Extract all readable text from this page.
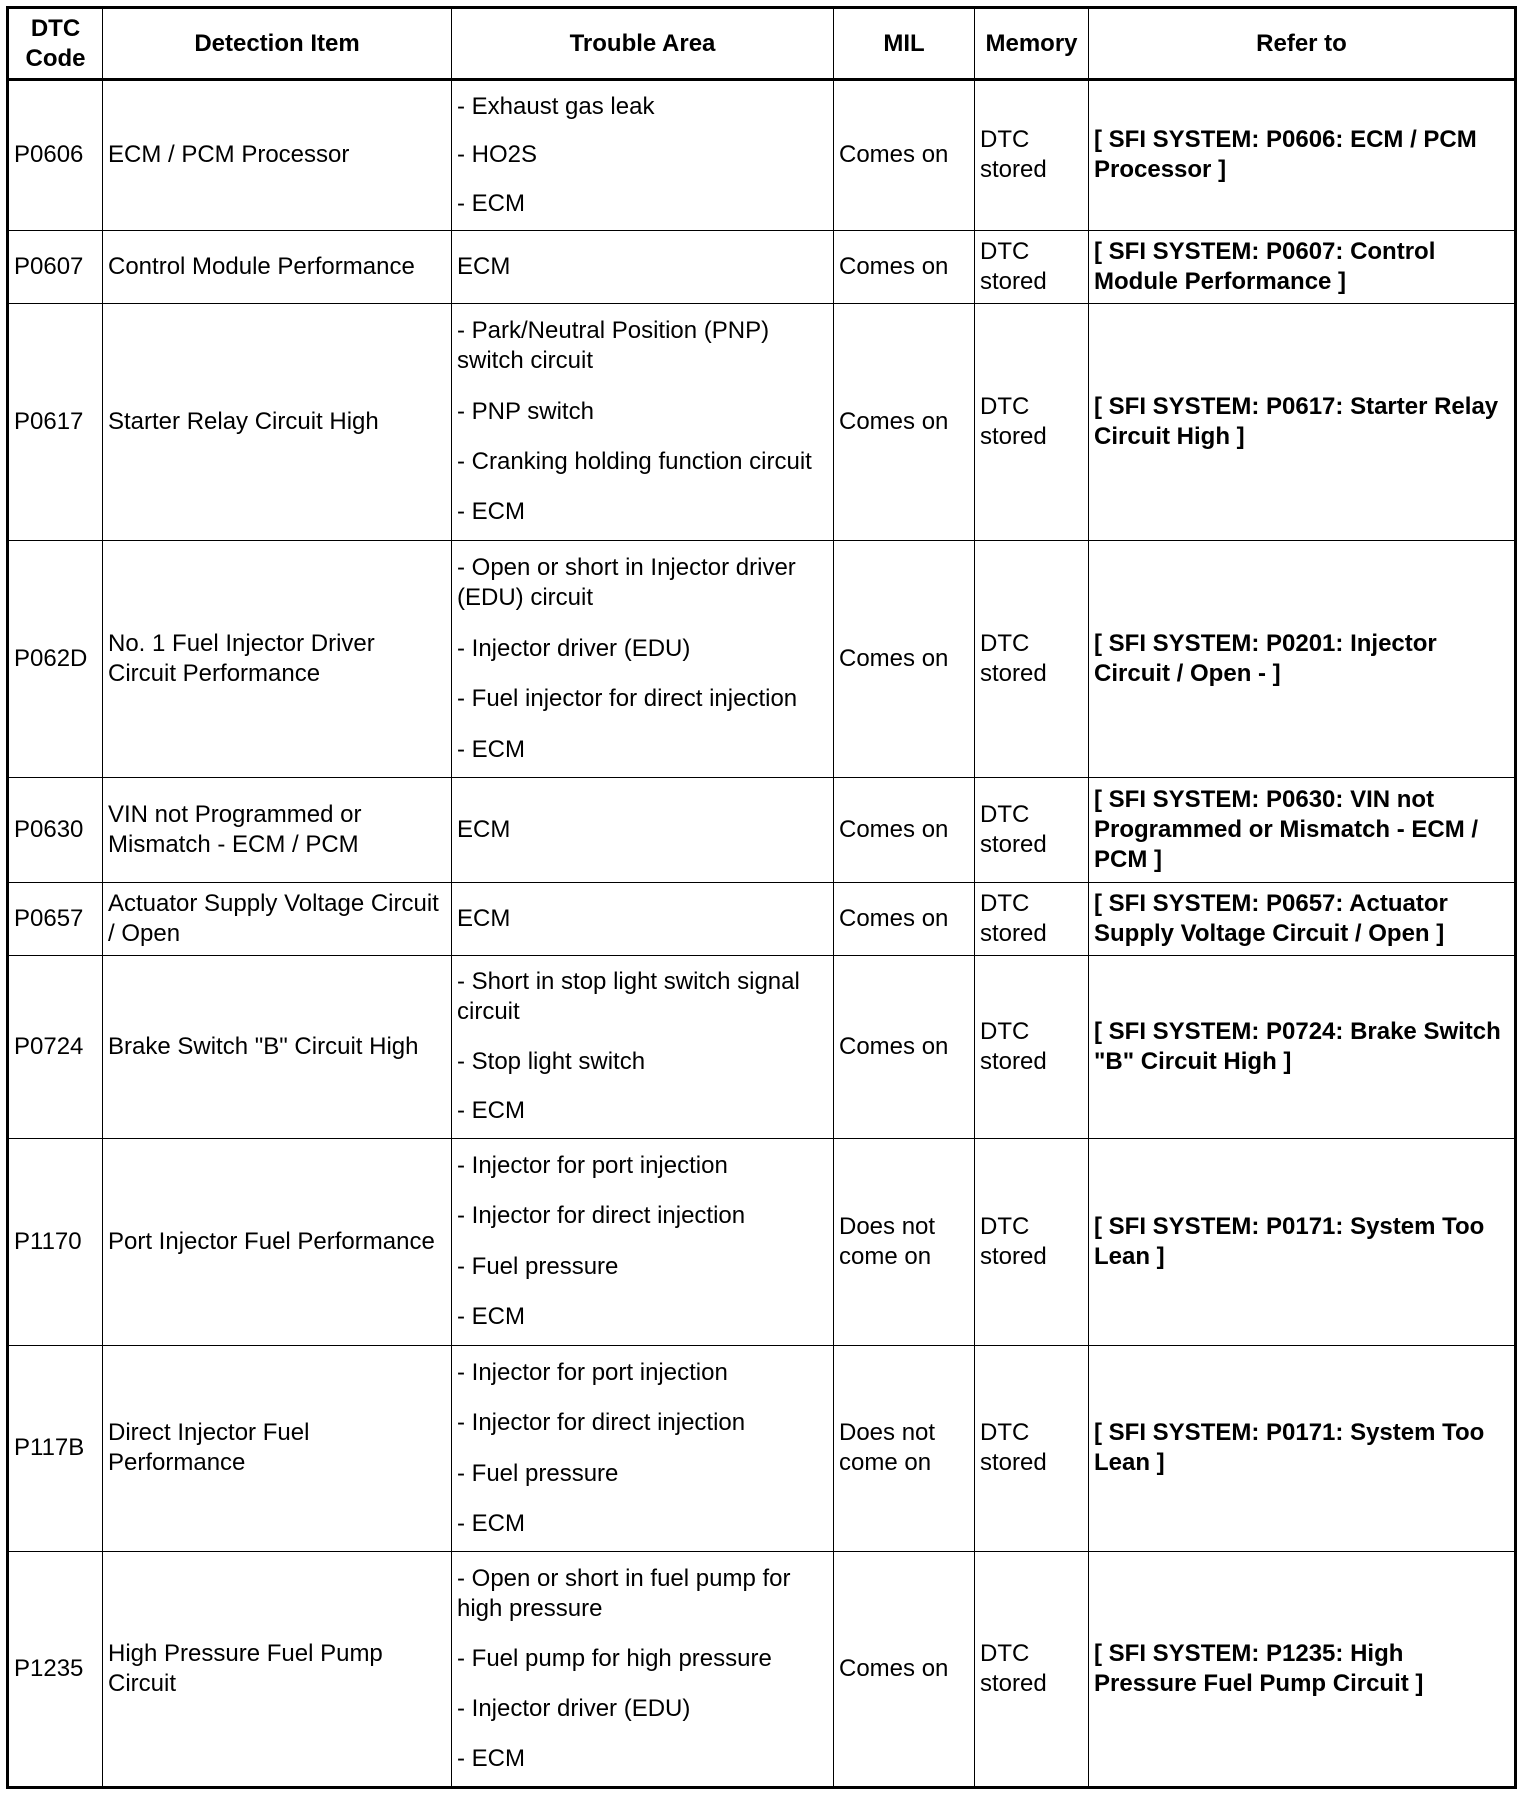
DTC Code	Detection Item	Trouble Area	MIL	Memory	Refer to
P0606	ECM / PCM Processor	- Exhaust gas leak
- HO2S
- ECM	Comes on	DTC stored	[ SFI SYSTEM: P0606: ECM / PCM Processor ]
P0607	Control Module Performance	ECM	Comes on	DTC stored	[ SFI SYSTEM: P0607: Control Module Performance ]
P0617	Starter Relay Circuit High	- Park/Neutral Position (PNP) switch circuit
- PNP switch
- Cranking holding function circuit
- ECM	Comes on	DTC stored	[ SFI SYSTEM: P0617: Starter Relay Circuit High ]
P062D	No. 1 Fuel Injector Driver Circuit Performance	- Open or short in Injector driver (EDU) circuit
- Injector driver (EDU)
- Fuel injector for direct injection
- ECM	Comes on	DTC stored	[ SFI SYSTEM: P0201: Injector Circuit / Open - ]
P0630	VIN not Programmed or Mismatch - ECM / PCM	ECM	Comes on	DTC stored	[ SFI SYSTEM: P0630: VIN not Programmed or Mismatch - ECM / PCM ]
P0657	Actuator Supply Voltage Circuit / Open	ECM	Comes on	DTC stored	[ SFI SYSTEM: P0657: Actuator Supply Voltage Circuit / Open ]
P0724	Brake Switch "B" Circuit High	- Short in stop light switch signal circuit
- Stop light switch
- ECM	Comes on	DTC stored	[ SFI SYSTEM: P0724: Brake Switch "B" Circuit High ]
P1170	Port Injector Fuel Performance	- Injector for port injection
- Injector for direct injection
- Fuel pressure
- ECM	Does not come on	DTC stored	[ SFI SYSTEM: P0171: System Too Lean ]
P117B	Direct Injector Fuel Performance	- Injector for port injection
- Injector for direct injection
- Fuel pressure
- ECM	Does not come on	DTC stored	[ SFI SYSTEM: P0171: System Too Lean ]
P1235	High Pressure Fuel Pump Circuit	- Open or short in fuel pump for high pressure
- Fuel pump for high pressure
- Injector driver (EDU)
- ECM	Comes on	DTC stored	[ SFI SYSTEM: P1235: High Pressure Fuel Pump Circuit ]
